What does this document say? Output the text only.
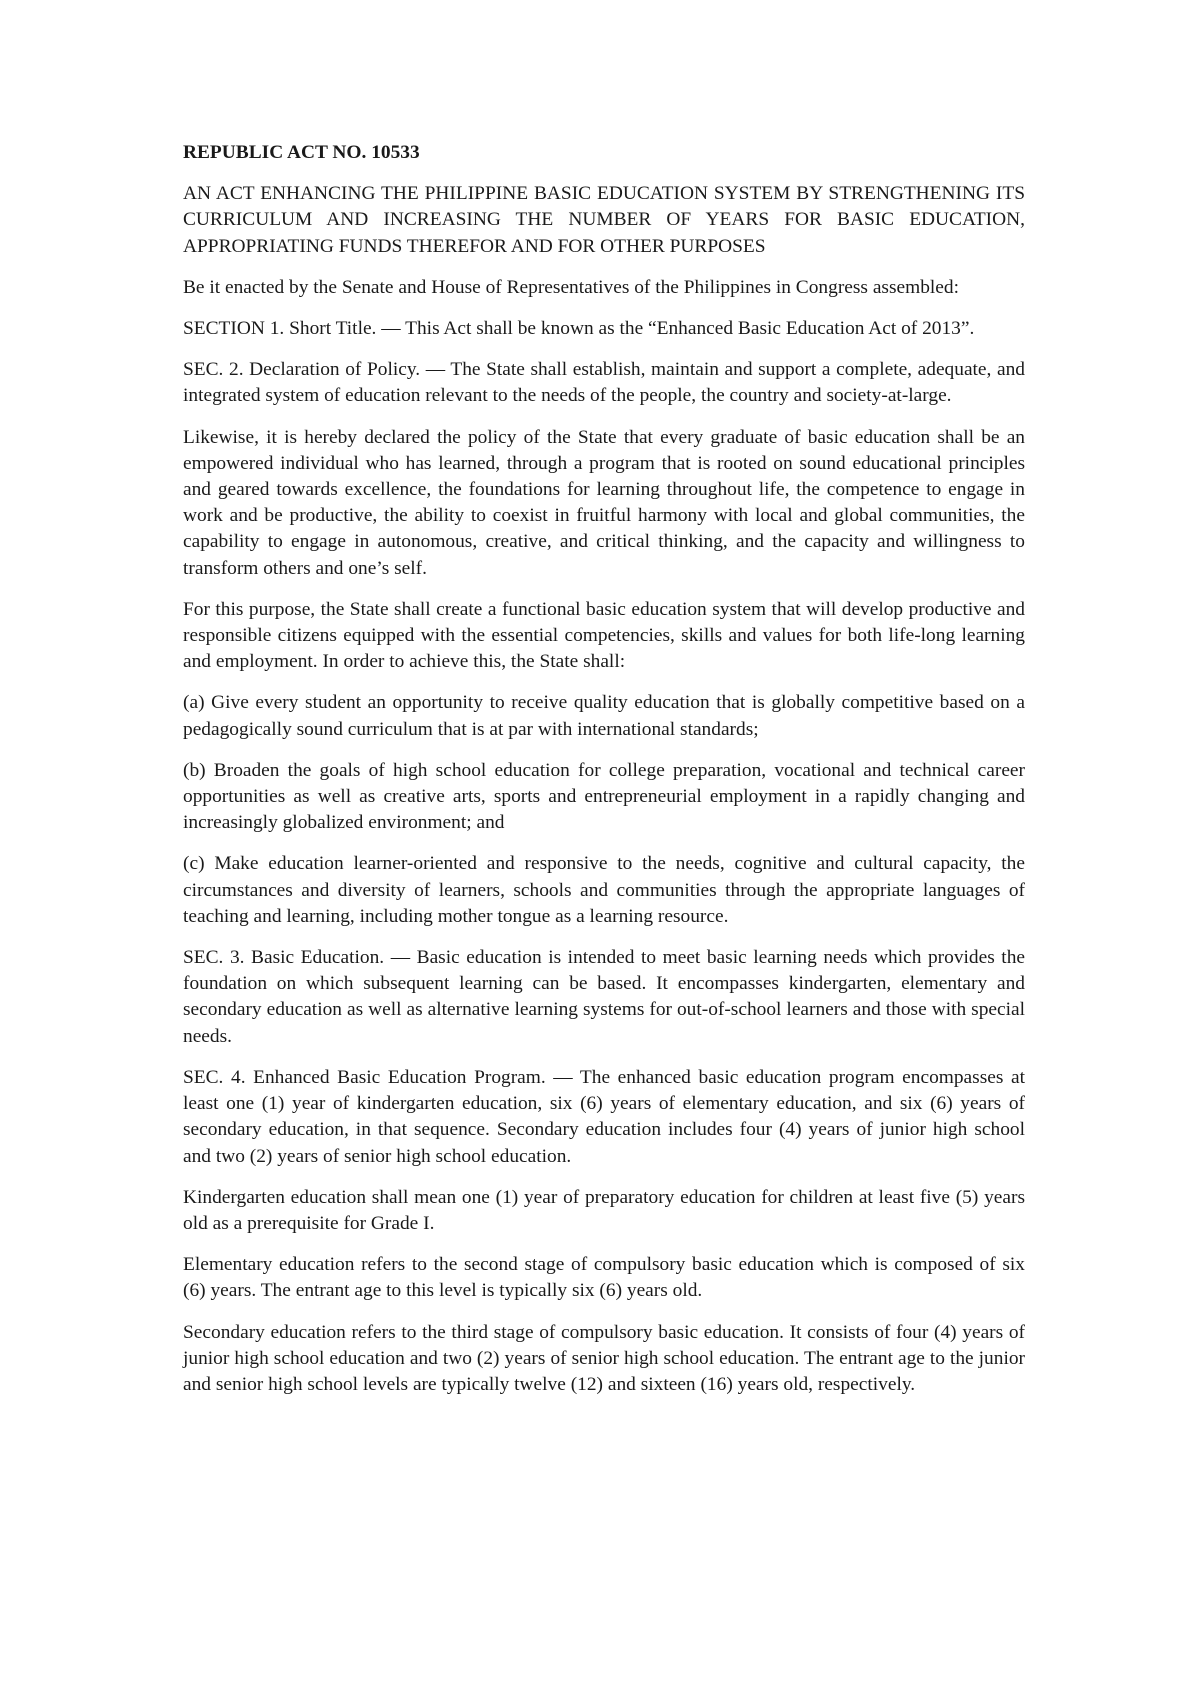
REPUBLIC ACT NO. 10533
AN ACT ENHANCING THE PHILIPPINE BASIC EDUCATION SYSTEM BY STRENGTHENING ITS CURRICULUM AND INCREASING THE NUMBER OF YEARS FOR BASIC EDUCATION, APPROPRIATING FUNDS THEREFOR AND FOR OTHER PURPOSES
Be it enacted by the Senate and House of Representatives of the Philippines in Congress assembled:
SECTION 1. Short Title. — This Act shall be known as the “Enhanced Basic Education Act of 2013”.
SEC. 2. Declaration of Policy. — The State shall establish, maintain and support a complete, adequate, and integrated system of education relevant to the needs of the people, the country and society-at-large.
Likewise, it is hereby declared the policy of the State that every graduate of basic education shall be an empowered individual who has learned, through a program that is rooted on sound educational principles and geared towards excellence, the foundations for learning throughout life, the competence to engage in work and be productive, the ability to coexist in fruitful harmony with local and global communities, the capability to engage in autonomous, creative, and critical thinking, and the capacity and willingness to transform others and one’s self.
For this purpose, the State shall create a functional basic education system that will develop productive and responsible citizens equipped with the essential competencies, skills and values for both life-long learning and employment. In order to achieve this, the State shall:
(a) Give every student an opportunity to receive quality education that is globally competitive based on a pedagogically sound curriculum that is at par with international standards;
(b) Broaden the goals of high school education for college preparation, vocational and technical career opportunities as well as creative arts, sports and entrepreneurial employment in a rapidly changing and increasingly globalized environment; and
(c) Make education learner-oriented and responsive to the needs, cognitive and cultural capacity, the circumstances and diversity of learners, schools and communities through the appropriate languages of teaching and learning, including mother tongue as a learning resource.
SEC. 3. Basic Education. — Basic education is intended to meet basic learning needs which provides the foundation on which subsequent learning can be based. It encompasses kindergarten, elementary and secondary education as well as alternative learning systems for out-of-school learners and those with special needs.
SEC. 4. Enhanced Basic Education Program. — The enhanced basic education program encompasses at least one (1) year of kindergarten education, six (6) years of elementary education, and six (6) years of secondary education, in that sequence. Secondary education includes four (4) years of junior high school and two (2) years of senior high school education.
Kindergarten education shall mean one (1) year of preparatory education for children at least five (5) years old as a prerequisite for Grade I.
Elementary education refers to the second stage of compulsory basic education which is composed of six (6) years. The entrant age to this level is typically six (6) years old.
Secondary education refers to the third stage of compulsory basic education. It consists of four (4) years of junior high school education and two (2) years of senior high school education. The entrant age to the junior and senior high school levels are typically twelve (12) and sixteen (16) years old, respectively.
